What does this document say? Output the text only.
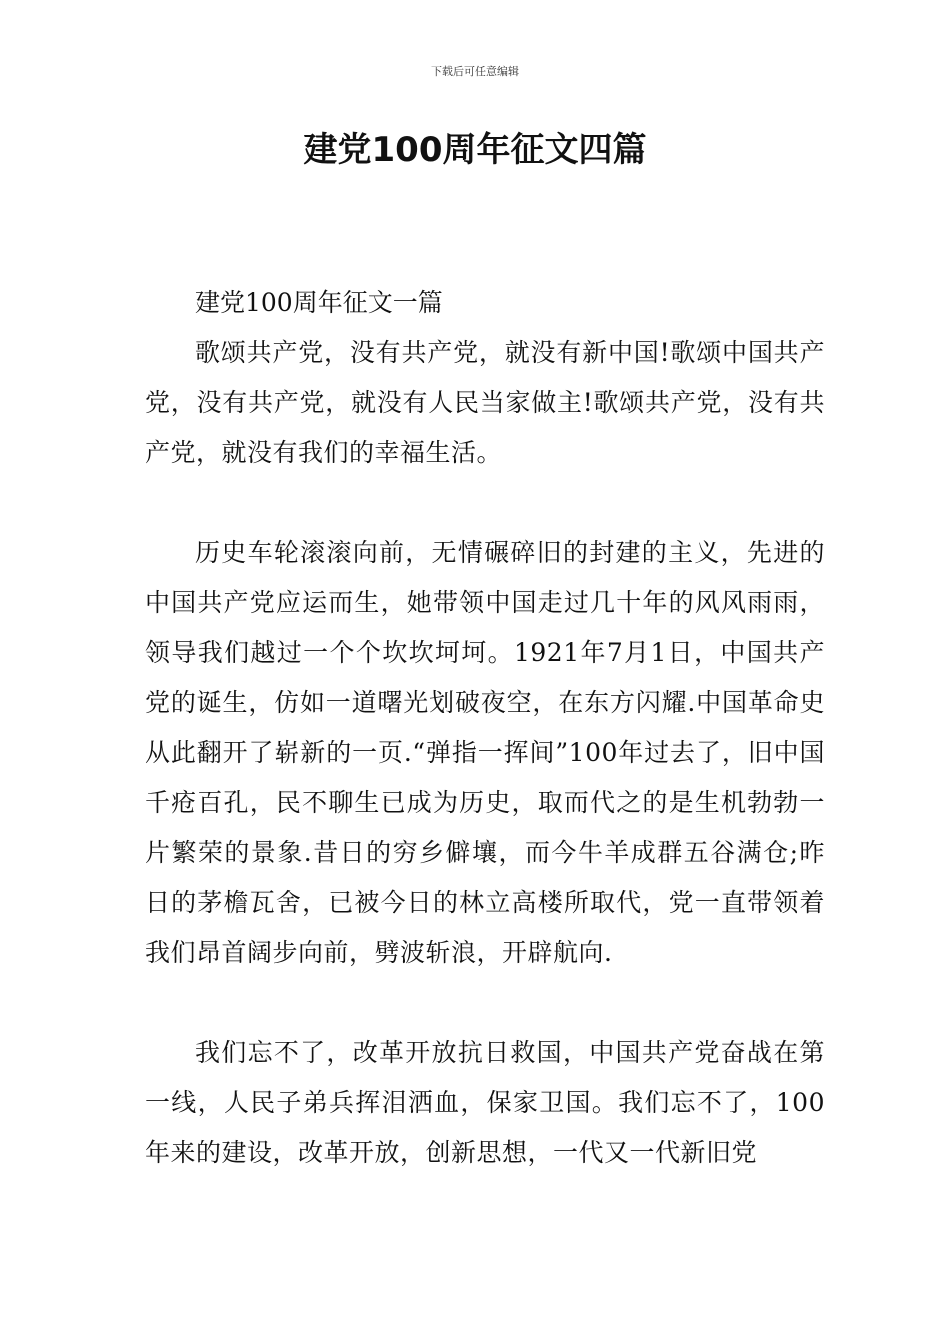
下载后可任意编辑
建党100周年征文四篇
建党100周年征文一篇

歌颂共产党，没有共产党，就没有新中国!歌颂中国共产党，没有共产党，就没有人民当家做主!歌颂共产党，没有共产党，就没有我们的幸福生活。

历史车轮滚滚向前，无情碾碎旧的封建的主义，先进的中国共产党应运而生，她带领中国走过几十年的风风雨雨，领导我们越过一个个坎坎坷坷。1921年7月1日，中国共产党的诞生，仿如一道曙光划破夜空，在东方闪耀.中国革命史从此翻开了崭新的一页.“弹指一挥间”100年过去了，旧中国千疮百孔，民不聊生已成为历史，取而代之的是生机勃勃一片繁荣的景象.昔日的穷乡僻壤，而今牛羊成群五谷满仓;昨日的茅檐瓦舍，已被今日的林立高楼所取代，党一直带领着我们昂首阔步向前，劈波斩浪，开辟航向.

我们忘不了，改革开放抗日救国，中国共产党奋战在第一线，人民子弟兵挥泪洒血，保家卫国。我们忘不了，100年来的建设，改革开放，创新思想，一代又一代新旧党
